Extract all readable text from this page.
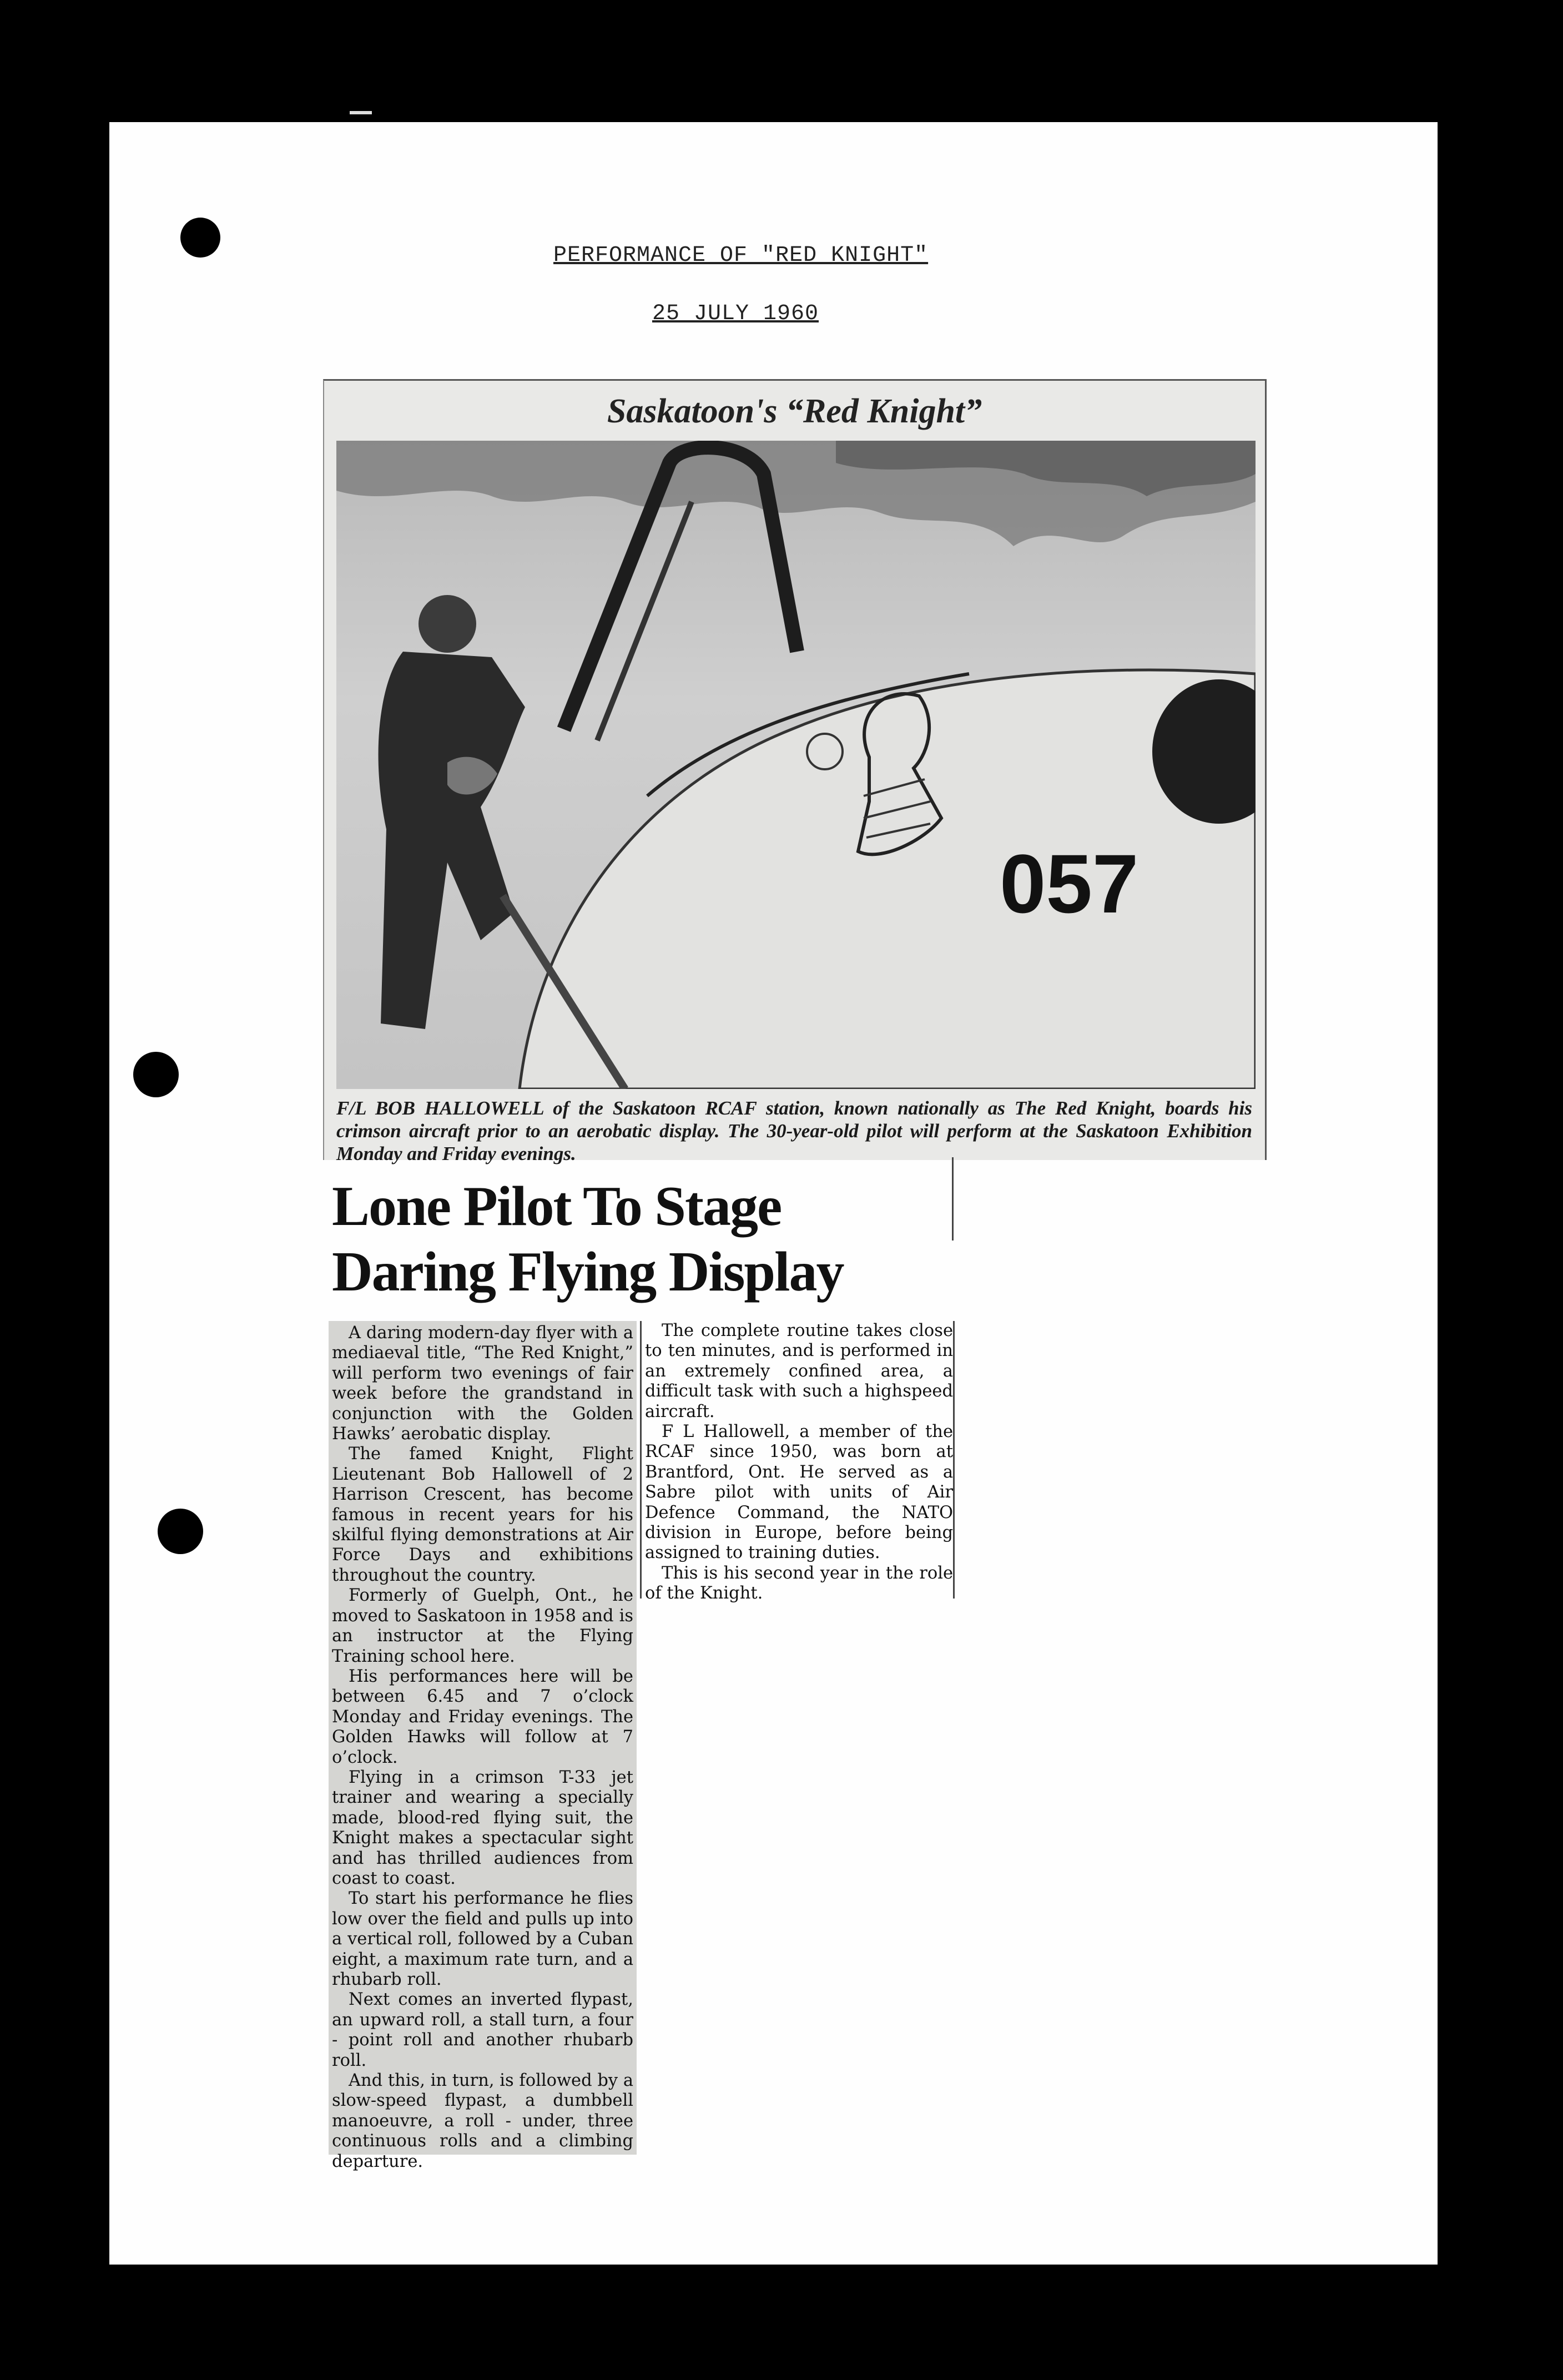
PERFORMANCE OF "RED KNIGHT"
25 JULY 1960
Saskatoon's “Red Knight”
057
F/L BOB HALLOWELL of the Saskatoon RCAF station, known nationally as The Red Knight, boards his crimson aircraft prior to an aerobatic display. The 30-year-old pilot will perform at the Saskatoon Exhibition Monday and Friday evenings.
Lone Pilot To Stage
Daring Flying Display

A daring modern-day flyer with a mediaeval title, “The Red Knight,” will perform two evenings of fair week before the grandstand in conjunction with the Golden Hawks’ aerobatic display.

The famed Knight, Flight Lieutenant Bob Hallowell of 2 Harrison Crescent, has become famous in recent years for his skilful flying demonstrations at Air Force Days and exhibitions throughout the country.

Formerly of Guelph, Ont., he moved to Saskatoon in 1958 and is an instructor at the Flying Training school here.

His performances here will be between 6.45 and 7 o’clock Monday and Friday evenings. The Golden Hawks will follow at 7 o’clock.

Flying in a crimson T-33 jet trainer and wearing a specially made, blood-red flying suit, the Knight makes a spectacular sight and has thrilled audiences from coast to coast.

To start his performance he flies low over the field and pulls up into a vertical roll, followed by a Cuban eight, a maximum rate turn, and a rhubarb roll.

Next comes an inverted flypast, an upward roll, a stall turn, a four - point roll and another rhubarb roll.

And this, in turn, is followed by a slow-speed flypast, a dumbbell manoeuvre, a roll - under, three continuous rolls and a climbing departure.

The complete routine takes close to ten minutes, and is performed in an extremely confined area, a difficult task with such a highspeed aircraft.

F L Hallowell, a member of the RCAF since 1950, was born at Brantford, Ont. He served as a Sabre pilot with units of Air Defence Command, the NATO division in Europe, before being assigned to training duties.

This is his second year in the role of the Knight.
